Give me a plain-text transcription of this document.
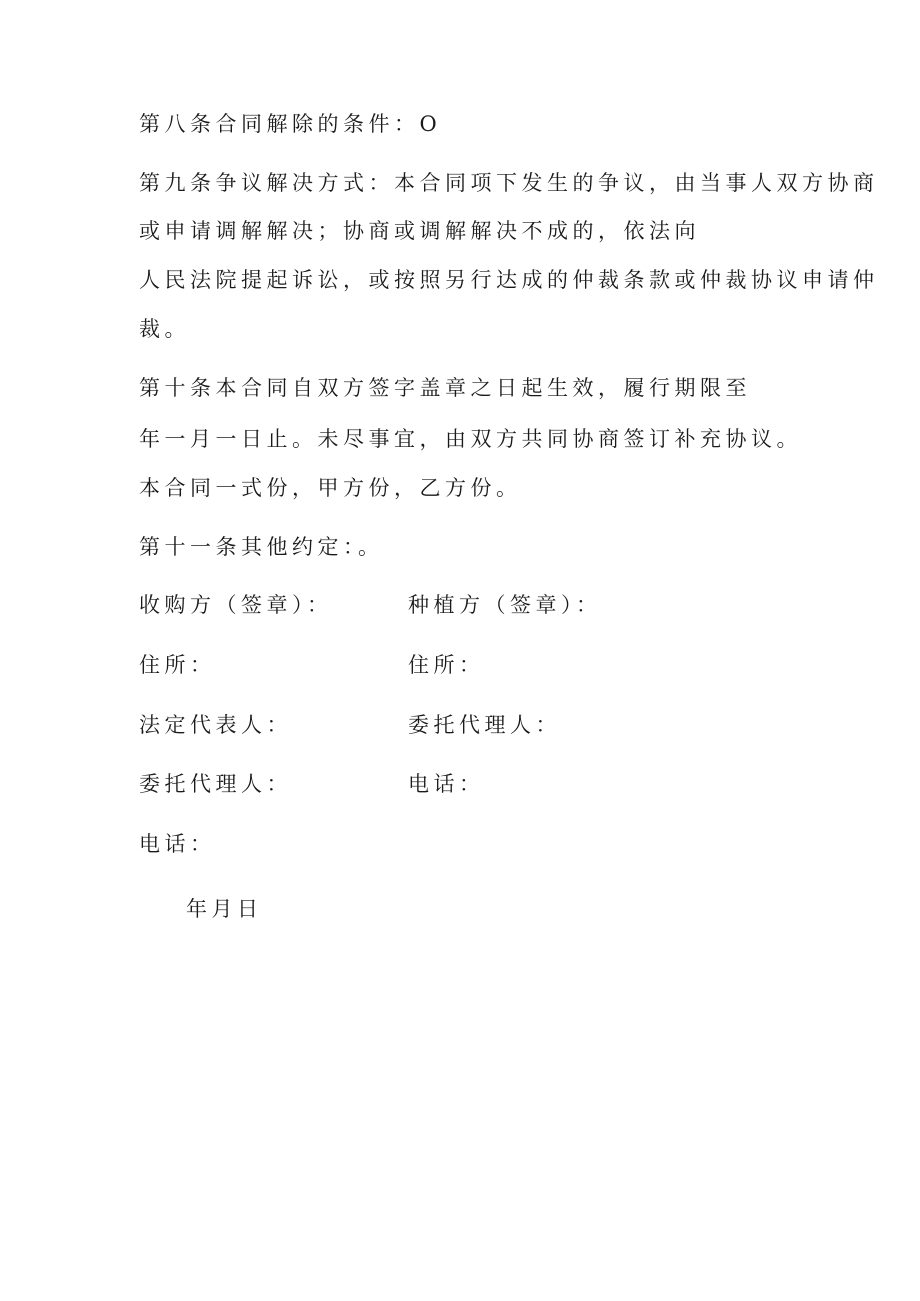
第八条合同解除的条件：O
第九条争议解决方式：本合同项下发生的争议，由当事人双方协商
或申请调解解决；协商或调解解决不成的，依法向
人民法院提起诉讼，或按照另行达成的仲裁条款或仲裁协议申请仲
裁。
第十条本合同自双方签字盖章之日起生效，履行期限至
年一月一日止。未尽事宜，由双方共同协商签订补充协议。
本合同一式份，甲方份，乙方份。
第十一条其他约定：。
收购方（签章）：	种植方（签章）：
住所：	住所：
法定代表人：	委托代理人：
委托代理人：	电话：
电话：
年月日
